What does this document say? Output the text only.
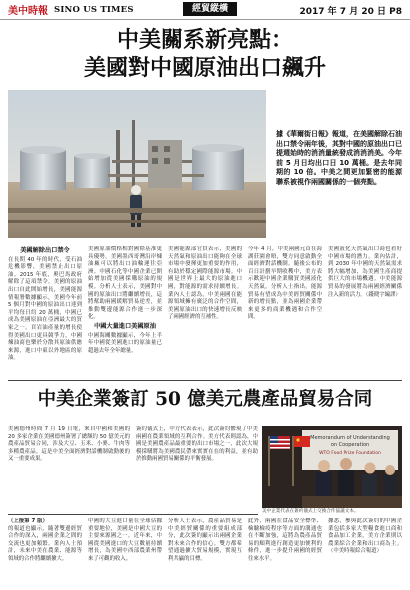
美中時報 SINO US TIMES	經貿縱橫	2017 年 7 月 20 日 P8
中美關系新亮點：
美國對中國原油出口飆升
據《華爾街日報》報道，在美國解除石油出口禁令兩年後，其對中國的原油出口已提週始時的消消量統發成消消消美。今年前 5 月日均出口日 10 萬桶。是去年同期的 10 倍。中美之間更加緊密的能源聯系被視作兩國關係的一個亮點。
美國解除出口禁令
在長期 40 年的時代，受石油危機影響，美國禁止出口原油。2015 年底，奧巴馬政府解除了這項禁令。美國的原油出口自此開始增長，美國能源情報署數據顯示，美國今年前 5 個月對中國的原油出口達到平均每日約 20 萬桶，中國已成為美國原油在亞洲最大的買家之一。頁岩油產量的增長使得美國出口更具競爭力，中國煉油商也樂於分散其原油供應來源，進口中東以外地區的原油。
美國原油價格相對國際基准更具優勢，美國墨西哥灣沿岸煉油廠可以將出口油輪運往亞洲。中國石化等中國企業已開始增加從美國採購原油的規模。分析人士表示，美國對中國的原油出口將繼續增長，這將幫助兩國緩解貿易逆差，並推動雙邊能源合作進一步深化。
中國大量進口美國原油
中國海關數據顯示，今年上半年中國從美國進口的原油量已超過去年全年總量。
美國能源部官員表示，美國的天然氣和原油出口能夠在全球市場中發揮更加重要的作用，有助於穩定國際能源市場。中國是世界上最大的原油進口國，對能源的需求持續增長。業內人士認為，中美兩國在能源領域擁有廣泛的合作空間，美國原油出口的快速增長反映了兩國經濟的互補性。
今年 4 月，中美兩國元首在海湖莊園會晤，雙方同意啟動全面經濟對話機制。隨後公布的百日計劃早期收穫中，美方表示歡迎中國企業購買美國液化天然氣。分析人士指出，能源貿易有望成為中美經貿關係中新的增長點，並為兩國企業帶來更多的商業機遇和合作空間。
美國液化天然氣出口商也看好中國市場的潛力。業內估計，到 2030 年中國的天然氣需求將大幅增加，為美國生產商提供巨大的市場機遇。中美能源貿易的發展將為兩國經濟關係注入新的活力。（錢晓宇編譯）
中美企業簽訂 50 億美元農產品貿易合同
美國德州時間 7 月 19 日電，來自中國和美國的 20 多家企業在美國德州簽署了總額約 50 億美元的農產品貿易合同，涉及大豆、玉米、小麥、牛肉等多種農產品。這是中美全面經濟對話機制啟動後的又一重要成果。
簽約儀式上，中方代表表示，此次簽約體現了中美兩國在農業領域的互利合作。美方代表則認為，中國是美國農產品最重要的出口市場之一，此次大規模採購將為美國農民帶來實實在在的利益，並有助於推動兩國貿易關係的平衡發展。
Memorandum of Understanding
on Cooperation
WTO Food Prize Foundation
美中企業代表在簽約儀式上交換合作協議文本。
（上接第 7 版）
的報道也顯示，隨著雙邊經貿合作的深入，兩國企業之間的交流也更加頻繁。業內人士預計，未來中美在農業、能源等領域的合作將繼續擴大。
中國的大豆進口量在全球佔據重要地位，美國是中國大豆的主要來源國之一。近年來，中國從美國進口的大豆數量持續增長，為美國中西部農業州帶來了可觀的收入。
分析人士表示，農產品貿易是中美經貿關係的重要組成部分，此次簽約顯示出兩國企業對未來合作的信心。雙方都希望通過擴大貿易規模，實現互利共贏的目標。
此外，兩國在食品安全標準、檢驗檢疫程序等方面的溝通也在不斷加強，這將為農產品貿易的順利進行創造更加便利的條件，進一步提升兩國的經貿往來水平。
據悉，參與此次簽約的中國企業包括多家大型糧食進口商和食品加工企業，美方企業則以農業綜合企業和出口商為主。（中美時報綜合報道）
